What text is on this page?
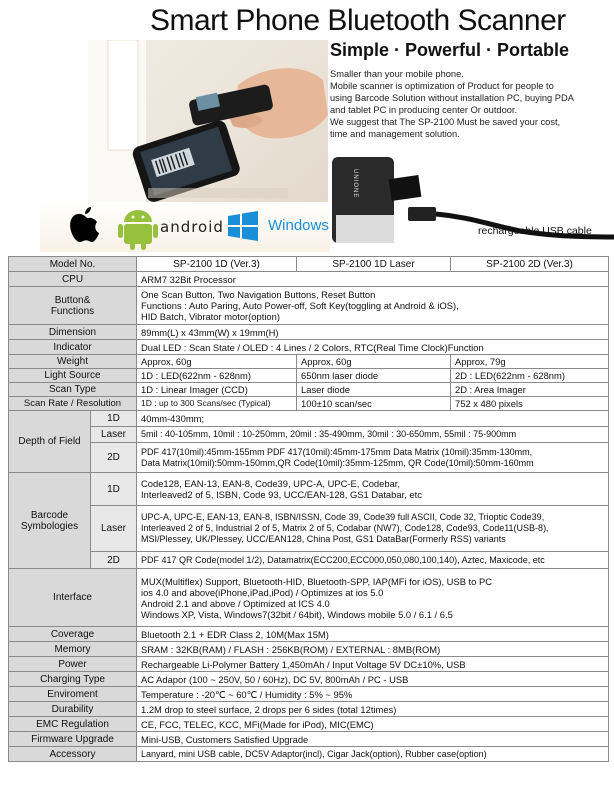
Smart Phone Bluetooth Scanner
android	Windows
Simple · Powerful · Portable
Smaller than your mobile phone.
Mobile scanner is optimization of Product for people to
using Barcode Solution without installation PC, buying PDA
and tablet PC in producing center Or outdoor.
We suggest that The SP-2100 Must be saved your cost,
time and management solution.
UNIONE
rechargeable USB cable
Model No.		SP-2100 1D (Ver.3)	SP-2100 1D Laser	SP-2100 2D (Ver.3)
CPU		ARM7 32Bit Processor		

Button&
Functions		One Scan Button, Two Navigation Buttons, Reset Button
Functions : Auto Paring, Auto Power-off, Soft Key(toggling at Android & iOS),
HID Batch, Vibrator motor(option)		

Dimension		89mm(L) x 43mm(W) x 19mm(H)		
Indicator		Dual LED : Scan State / OLED : 4 Lines / 2 Colors, RTC(Real Time Clock)Function		
Weight		Approx, 60g	Approx, 60g	Approx, 79g
Light Source		1D : LED(622nm - 628nm)	650nm laser diode	2D : LED(622nm - 628nm)
Scan Type		1D : Linear Imager (CCD)	Laser diode	2D : Area Imager
Scan Rate / Resolution		1D : up to 300 Scans/sec (Typical)	100±10 scan/sec	752 x 480 pixels
Depth of Field	1D	40mm-430mm;		
	Laser	5mil : 40-105mm, 10mil : 10-250mm, 20mil : 35-490mm, 30mil : 30-650mm, 55mil : 75-900mm		
	2D	PDF 417(10mil):45mm-155mm PDF 417(10mil):45mm-175mm Data Matrix (10mil):35mm-130mm,
Data Matrix(10mil):50mm-150mm,QR Code(10mil):35mm-125mm, QR Code(10mil):50mm-160mm		

Barcode
Symbologies	1D	Code128, EAN-13, EAN-8, Code39, UPC-A, UPC-E, Codebar,
Interleaved2 of 5, ISBN, Code 93, UCC/EAN-128, GS1 Databar, etc		

	Laser	UPC-A, UPC-E, EAN-13, EAN-8, ISBN/ISSN, Code 39, Code39 full ASCII, Code 32, Trioptic Code39,
Interleaved 2 of 5, Industrial 2 of 5, Matrix 2 of 5, Codabar (NW7), Code128, Code93, Code11(USB-8),
MSI/Plessey, UK/Plessey, UCC/EAN128, China Post, GS1 DataBar(Formerly RSS) variants		

	2D	PDF 417 QR Code(model 1/2), Datamatrix(ECC200,ECC000,050,080,100,140), Aztec, Maxicode, etc		
Interface		MUX(Multiflex) Support, Bluetooth-HID, Bluetooth-SPP, IAP(MFi for iOS), USB to PC
ios 4.0 and above(iPhone,iPad,iPod) / Optimizes at ios 5.0
Android 2.1 and above / Optimized at ICS 4.0
Windows XP, Vista, Windows7(32bit / 64bit), Windows mobile 5.0 / 6.1 / 6.5		

Coverage		Bluetooth 2.1 + EDR Class 2, 10M(Max 15M)		
Memory		SRAM : 32KB(RAM) / FLASH : 256KB(ROM) / EXTERNAL : 8MB(ROM)		
Power		Rechargeable Li-Polymer Battery 1,450mAh / Input Voltage 5V DC±10%, USB		
Charging Type		AC Adapor (100 ~ 250V, 50 / 60Hz), DC 5V, 800mAh / PC - USB		
Enviroment		Temperature : -20℃ ~ 60℃ / Humidity : 5% ~ 95%		
Durability		1.2M drop to steel surface, 2 drops per 6 sides (total 12times)		
EMC Regulation		CE, FCC, TELEC, KCC, MFi(Made for iPod), MIC(EMC)		
Firmware Upgrade		Mini-USB, Customers Satisfied Upgrade		
Accessory		Lanyard, mini USB cable, DC5V Adaptor(incl), Cigar Jack(option), Rubber case(option)		
